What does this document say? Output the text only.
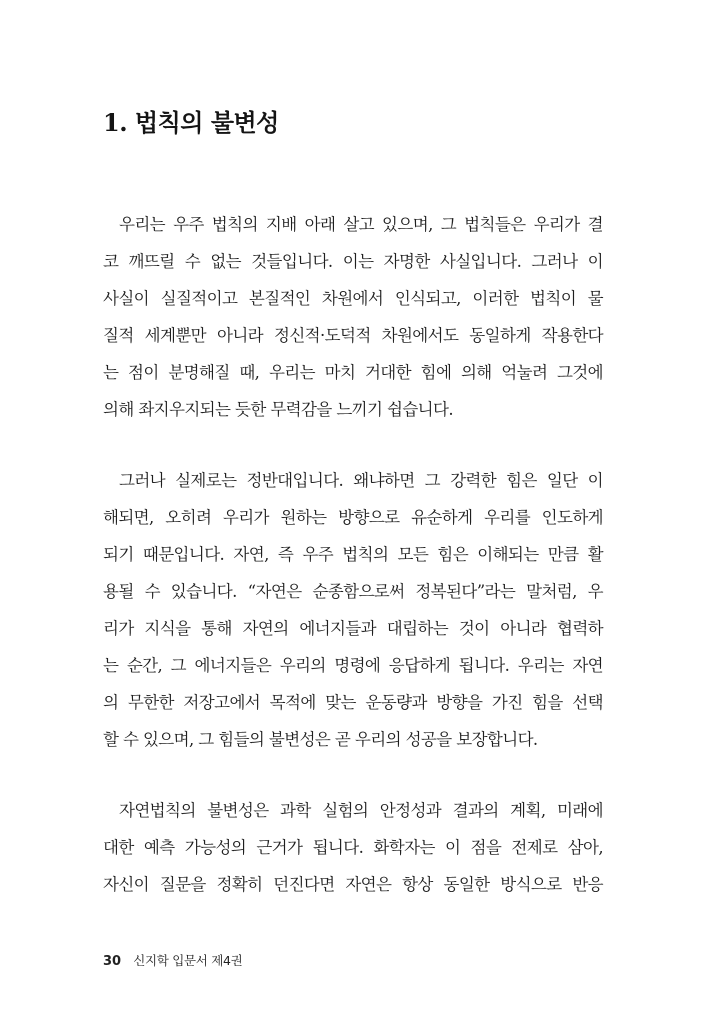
1. 법칙의 불변성

우리는 우주 법칙의 지배 아래 살고 있으며, 그 법칙들은 우리가 결
코 깨뜨릴 수 없는 것들입니다. 이는 자명한 사실입니다. 그러나 이
사실이 실질적이고 본질적인 차원에서 인식되고, 이러한 법칙이 물
질적 세계뿐만 아니라 정신적·도덕적 차원에서도 동일하게 작용한다
는 점이 분명해질 때, 우리는 마치 거대한 힘에 의해 억눌려 그것에
의해 좌지우지되는 듯한 무력감을 느끼기 쉽습니다.

그러나 실제로는 정반대입니다. 왜냐하면 그 강력한 힘은 일단 이
해되면, 오히려 우리가 원하는 방향으로 유순하게 우리를 인도하게
되기 때문입니다. 자연, 즉 우주 법칙의 모든 힘은 이해되는 만큼 활
용될 수 있습니다. “자연은 순종함으로써 정복된다”라는 말처럼, 우
리가 지식을 통해 자연의 에너지들과 대립하는 것이 아니라 협력하
는 순간, 그 에너지들은 우리의 명령에 응답하게 됩니다. 우리는 자연
의 무한한 저장고에서 목적에 맞는 운동량과 방향을 가진 힘을 선택
할 수 있으며, 그 힘들의 불변성은 곧 우리의 성공을 보장합니다.

자연법칙의 불변성은 과학 실험의 안정성과 결과의 계획, 미래에
대한 예측 가능성의 근거가 됩니다. 화학자는 이 점을 전제로 삼아,
자신이 질문을 정확히 던진다면 자연은 항상 동일한 방식으로 반응

30 신지학 입문서 제4권
